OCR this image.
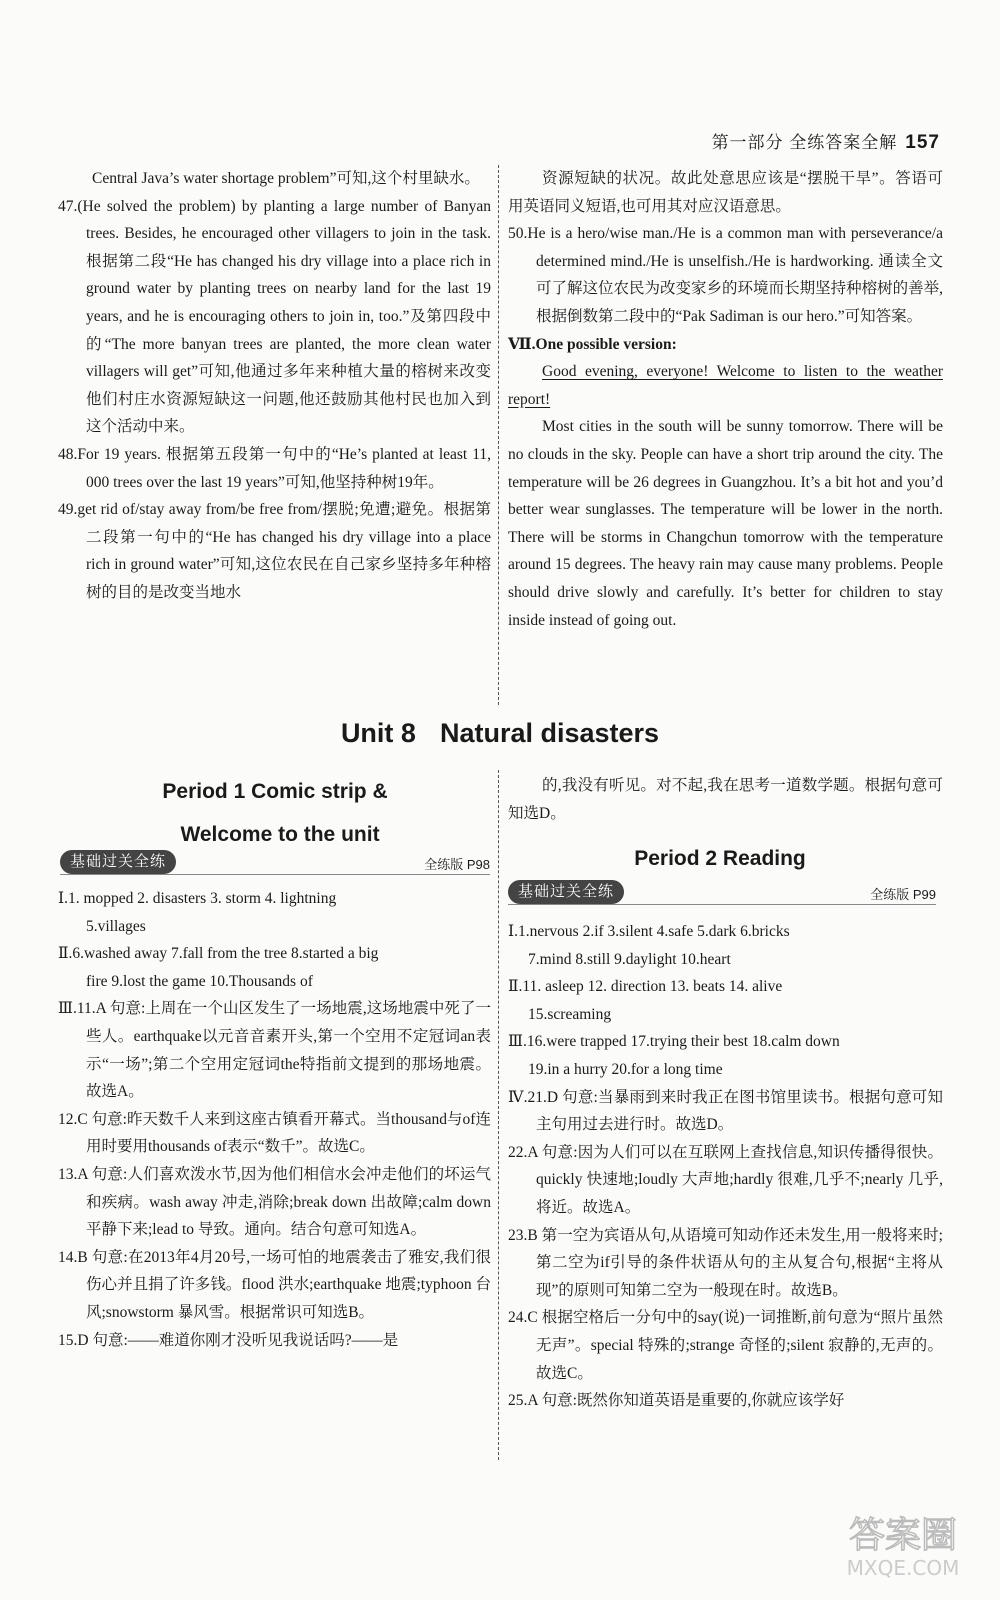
第一部分 全练答案全解 157

Central Java’s water shortage problem”可知,这个村里缺水。

47.(He solved the problem) by planting a large number of Banyan trees. Besides, he encouraged other villagers to join in the task. 根据第二段“He has changed his dry village into a place rich in ground water by planting trees on nearby land for the last 19 years, and he is encouraging others to join in, too.”及第四段中的“The more banyan trees are planted, the more clean water villagers will get”可知,他通过多年来种植大量的榕树来改变他们村庄水资源短缺这一问题,他还鼓励其他村民也加入到这个活动中来。

48.For 19 years. 根据第五段第一句中的“He’s planted at least 11, 000 trees over the last 19 years”可知,他坚持种树19年。

49.get rid of/stay away from/be free from/摆脱;免遭;避免。根据第二段第一句中的“He has changed his dry village into a place rich in ground water”可知,这位农民在自己家乡坚持多年种榕树的目的是改变当地水

资源短缺的状况。故此处意思应该是“摆脱干旱”。答语可用英语同义短语,也可用其对应汉语意思。

50.He is a hero/wise man./He is a common man with perseverance/a determined mind./He is unselfish./He is hardworking. 通读全文可了解这位农民为改变家乡的环境而长期坚持种榕树的善举,根据倒数第二段中的“Pak Sadiman is our hero.”可知答案。

Ⅶ.One possible version:

Good evening, everyone! Welcome to listen to the weather report!

Most cities in the south will be sunny tomorrow. There will be no clouds in the sky. People can have a short trip around the city. The temperature will be 26 degrees in Guangzhou. It’s a bit hot and you’d better wear sunglasses. The temperature will be lower in the north. There will be storms in Changchun tomorrow with the temperature around 15 degrees. The heavy rain may cause many problems. People should drive slowly and carefully. It’s better for children to stay inside instead of going out.

Unit 8 Natural disasters
Period 1 Comic strip &
Welcome to the unit
基础过关全练	全练版 P98

的,我没有听见。对不起,我在思考一道数学题。根据句意可知选D。

Period 2 Reading
基础过关全练	全练版 P99

Ⅰ.1. mopped 2. disasters 3. storm 4. lightning

5.villages

Ⅱ.6.washed away 7.fall from the tree 8.started a big

fire 9.lost the game 10.Thousands of

Ⅲ.11.A 句意:上周在一个山区发生了一场地震,这场地震中死了一些人。earthquake以元音音素开头,第一个空用不定冠词an表示“一场”;第二个空用定冠词the特指前文提到的那场地震。故选A。

12.C 句意:昨天数千人来到这座古镇看开幕式。当thousand与of连用时要用thousands of表示“数千”。故选C。

13.A 句意:人们喜欢泼水节,因为他们相信水会冲走他们的坏运气和疾病。wash away 冲走,消除;break down 出故障;calm down 平静下来;lead to 导致。通向。结合句意可知选A。

14.B 句意:在2013年4月20号,一场可怕的地震袭击了雅安,我们很伤心并且捐了许多钱。flood 洪水;earthquake 地震;typhoon 台风;snowstorm 暴风雪。根据常识可知选B。

15.D 句意:——难道你刚才没听见我说话吗?——是

Ⅰ.1.nervous 2.if 3.silent 4.safe 5.dark 6.bricks

7.mind 8.still 9.daylight 10.heart

Ⅱ.11. asleep 12. direction 13. beats 14. alive

15.screaming

Ⅲ.16.were trapped 17.trying their best 18.calm down

19.in a hurry 20.for a long time

Ⅳ.21.D 句意:当暴雨到来时我正在图书馆里读书。根据句意可知主句用过去进行时。故选D。

22.A 句意:因为人们可以在互联网上查找信息,知识传播得很快。quickly 快速地;loudly 大声地;hardly 很难,几乎不;nearly 几乎,将近。故选A。

23.B 第一空为宾语从句,从语境可知动作还未发生,用一般将来时;第二空为if引导的条件状语从句的主从复合句,根据“主将从现”的原则可知第二空为一般现在时。故选B。

24.C 根据空格后一分句中的say(说)一词推断,前句意为“照片虽然无声”。special 特殊的;strange 奇怪的;silent 寂静的,无声的。故选C。

25.A 句意:既然你知道英语是重要的,你就应该学好

答案圈
MXQE.COM
